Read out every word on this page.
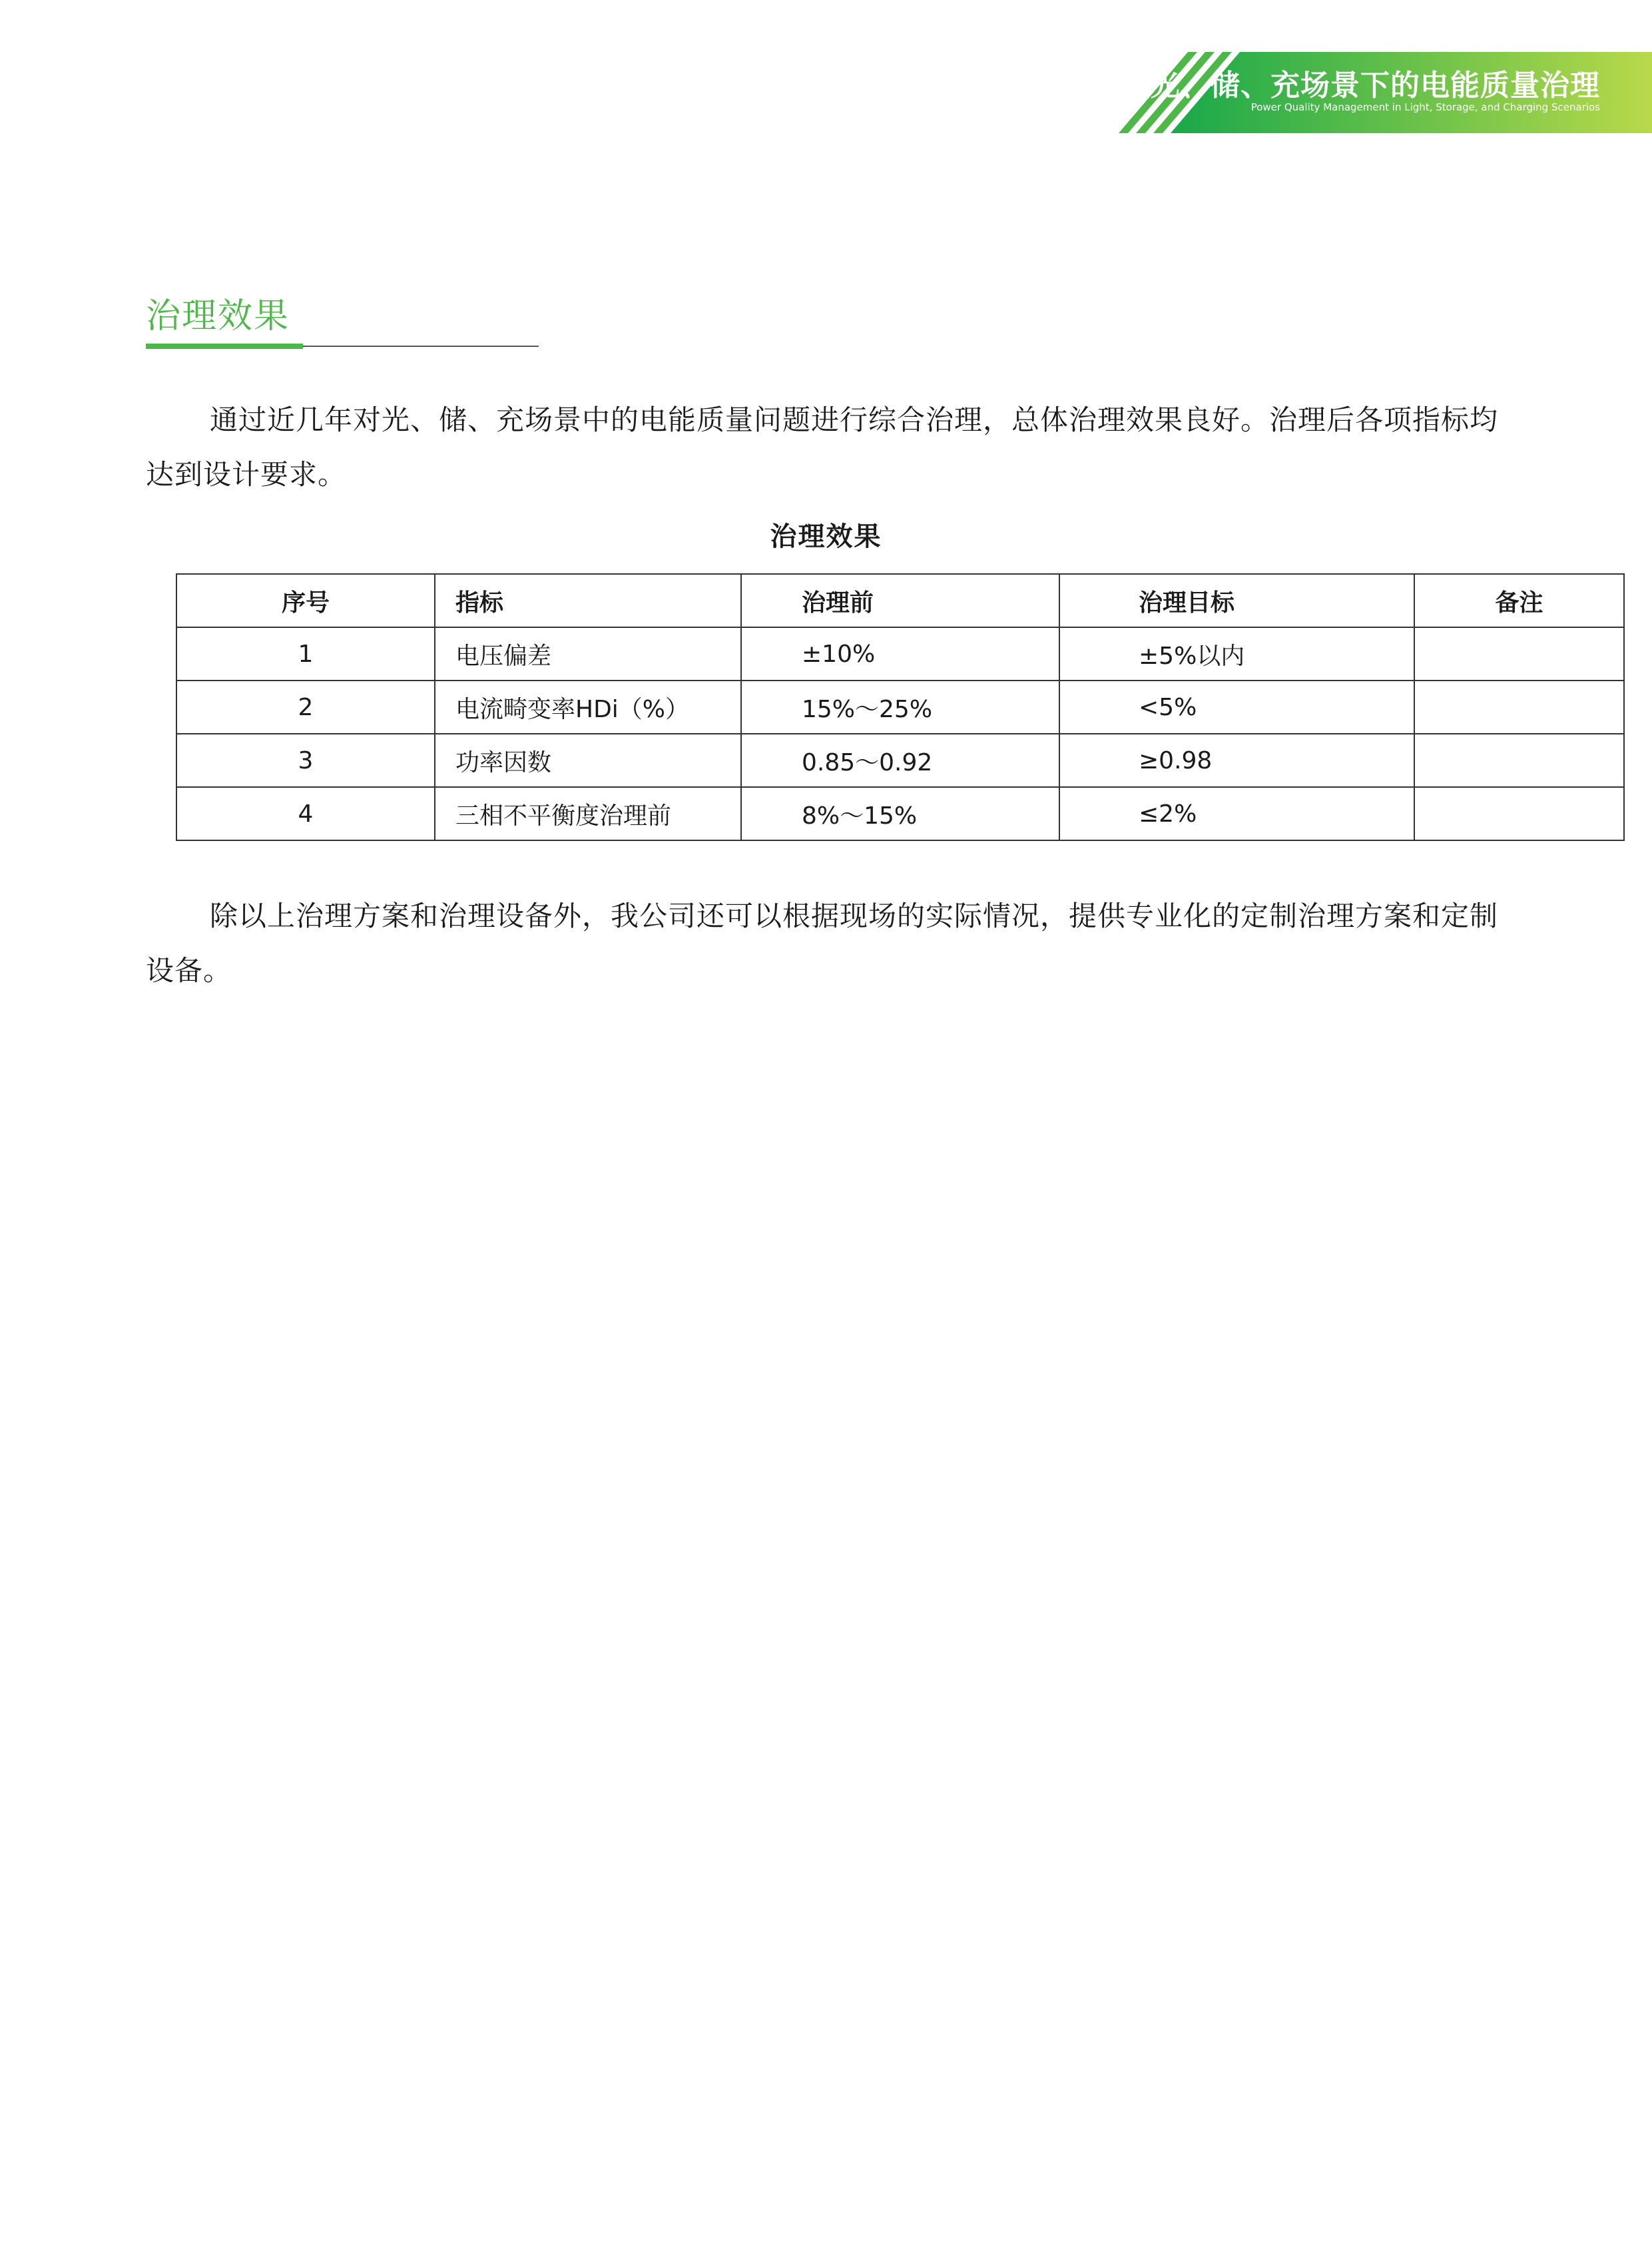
光、储、充场景下的电能质量治理
Power Quality Management in Light, Storage, and Charging Scenarios
治理效果
通过近几年对光、储、充场景中的电能质量问题进行综合治理，总体治理效果良好。治理后各项指标均达到设计要求。
治理效果
序号	指标	治理前	治理目标	备注
1	电压偏差	±10%	±5%以内	
2	电流畸变率HDi（%）	15%～25%	<5%	
3	功率因数	0.85～0.92	≥0.98	
4	三相不平衡度治理前	8%～15%	≤2%	
除以上治理方案和治理设备外，我公司还可以根据现场的实际情况，提供专业化的定制治理方案和定制设备。
